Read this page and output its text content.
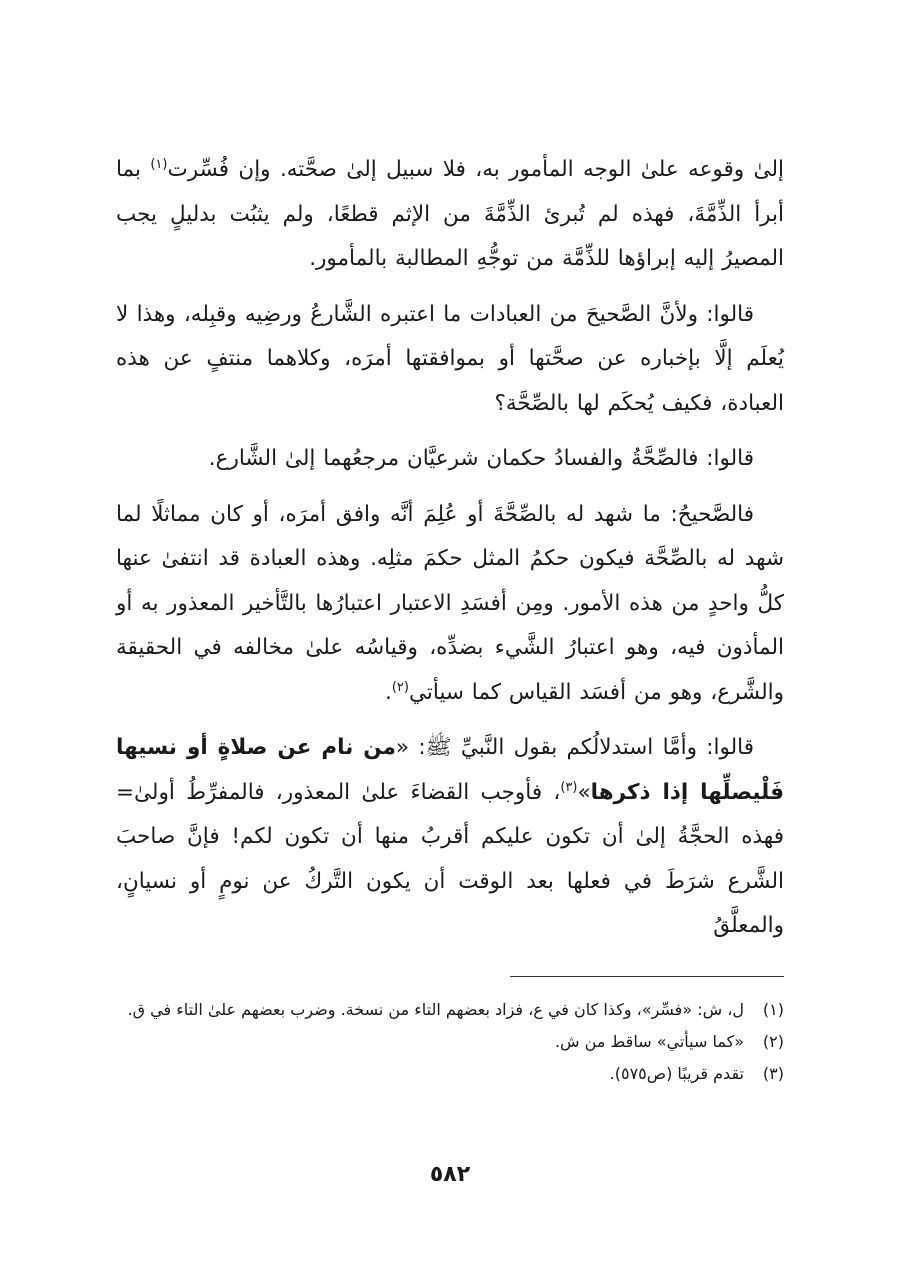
إلىٰ وقوعه علىٰ الوجه المأمور به، فلا سبيل إلىٰ صحَّته. وإن فُسِّرت$^{(١)}$ بما أبرأ الذِّمَّةَ، فهذه لم تُبرئ الذِّمَّةَ من الإثم قطعًا، ولم يثبُت بدليلٍ يجب المصيرُ إليه إبراؤها للذِّمَّة من توجُّهِ المطالبة بالمأمور.

قالوا: ولأنَّ الصَّحيحَ من العبادات ما اعتبره الشَّارعُ ورضِيه وقبِله، وهذا لا يُعلَم إلَّا بإخباره عن صحَّتها أو بموافقتها أمرَه، وكلاهما منتفٍ عن هذه العبادة، فكيف يُحكَم لها بالصِّحَّة؟

قالوا: فالصِّحَّةُ والفسادُ حكمان شرعيَّان مرجعُهما إلىٰ الشَّارع.

فالصَّحيحُ: ما شهد له بالصِّحَّةَ أو عُلِمَ أنَّه وافق أمرَه، أو كان مماثلًا لما شهد له بالصِّحَّة فيكون حكمُ المثل حكمَ مثلِه. وهذه العبادة قد انتفىٰ عنها كلُّ واحدٍ من هذه الأمور. ومِن أفسَدِ الاعتبار اعتبارُها بالتَّأخير المعذور به أو المأذون فيه، وهو اعتبارُ الشَّيء بضدِّه، وقياسُه علىٰ مخالفه في الحقيقة والشَّرع، وهو من أفسَد القياس كما سيأتي$^{(٢)}$.

قالوا: وأمَّا استدلالُكم بقول النَّبيِّ ﷺ: «من نام عن صلاةٍ أو نسيها فَلْيصلِّها إذا ذكرها»$^{(٣)}$، فأوجب القضاءَ علىٰ المعذور، فالمفرِّطُ أولىٰ= فهذه الحجَّةُ إلىٰ أن تكون عليكم أقربُ منها أن تكون لكم! فإنَّ صاحبَ الشَّرع شرَطَ في فعلها بعد الوقت أن يكون التَّركُ عن نومٍ أو نسيانٍ، والمعلَّقُ

(١)
ل، ش: «فسِّر»، وكذا كان في ع، فزاد بعضهم التاء من نسخة. وضرب بعضهم علىٰ التاء في ق.
(٢)
«كما سيأتي» ساقط من ش.
(٣)
تقدم قريبًا (ص٥٧٥).
٥٨٢
